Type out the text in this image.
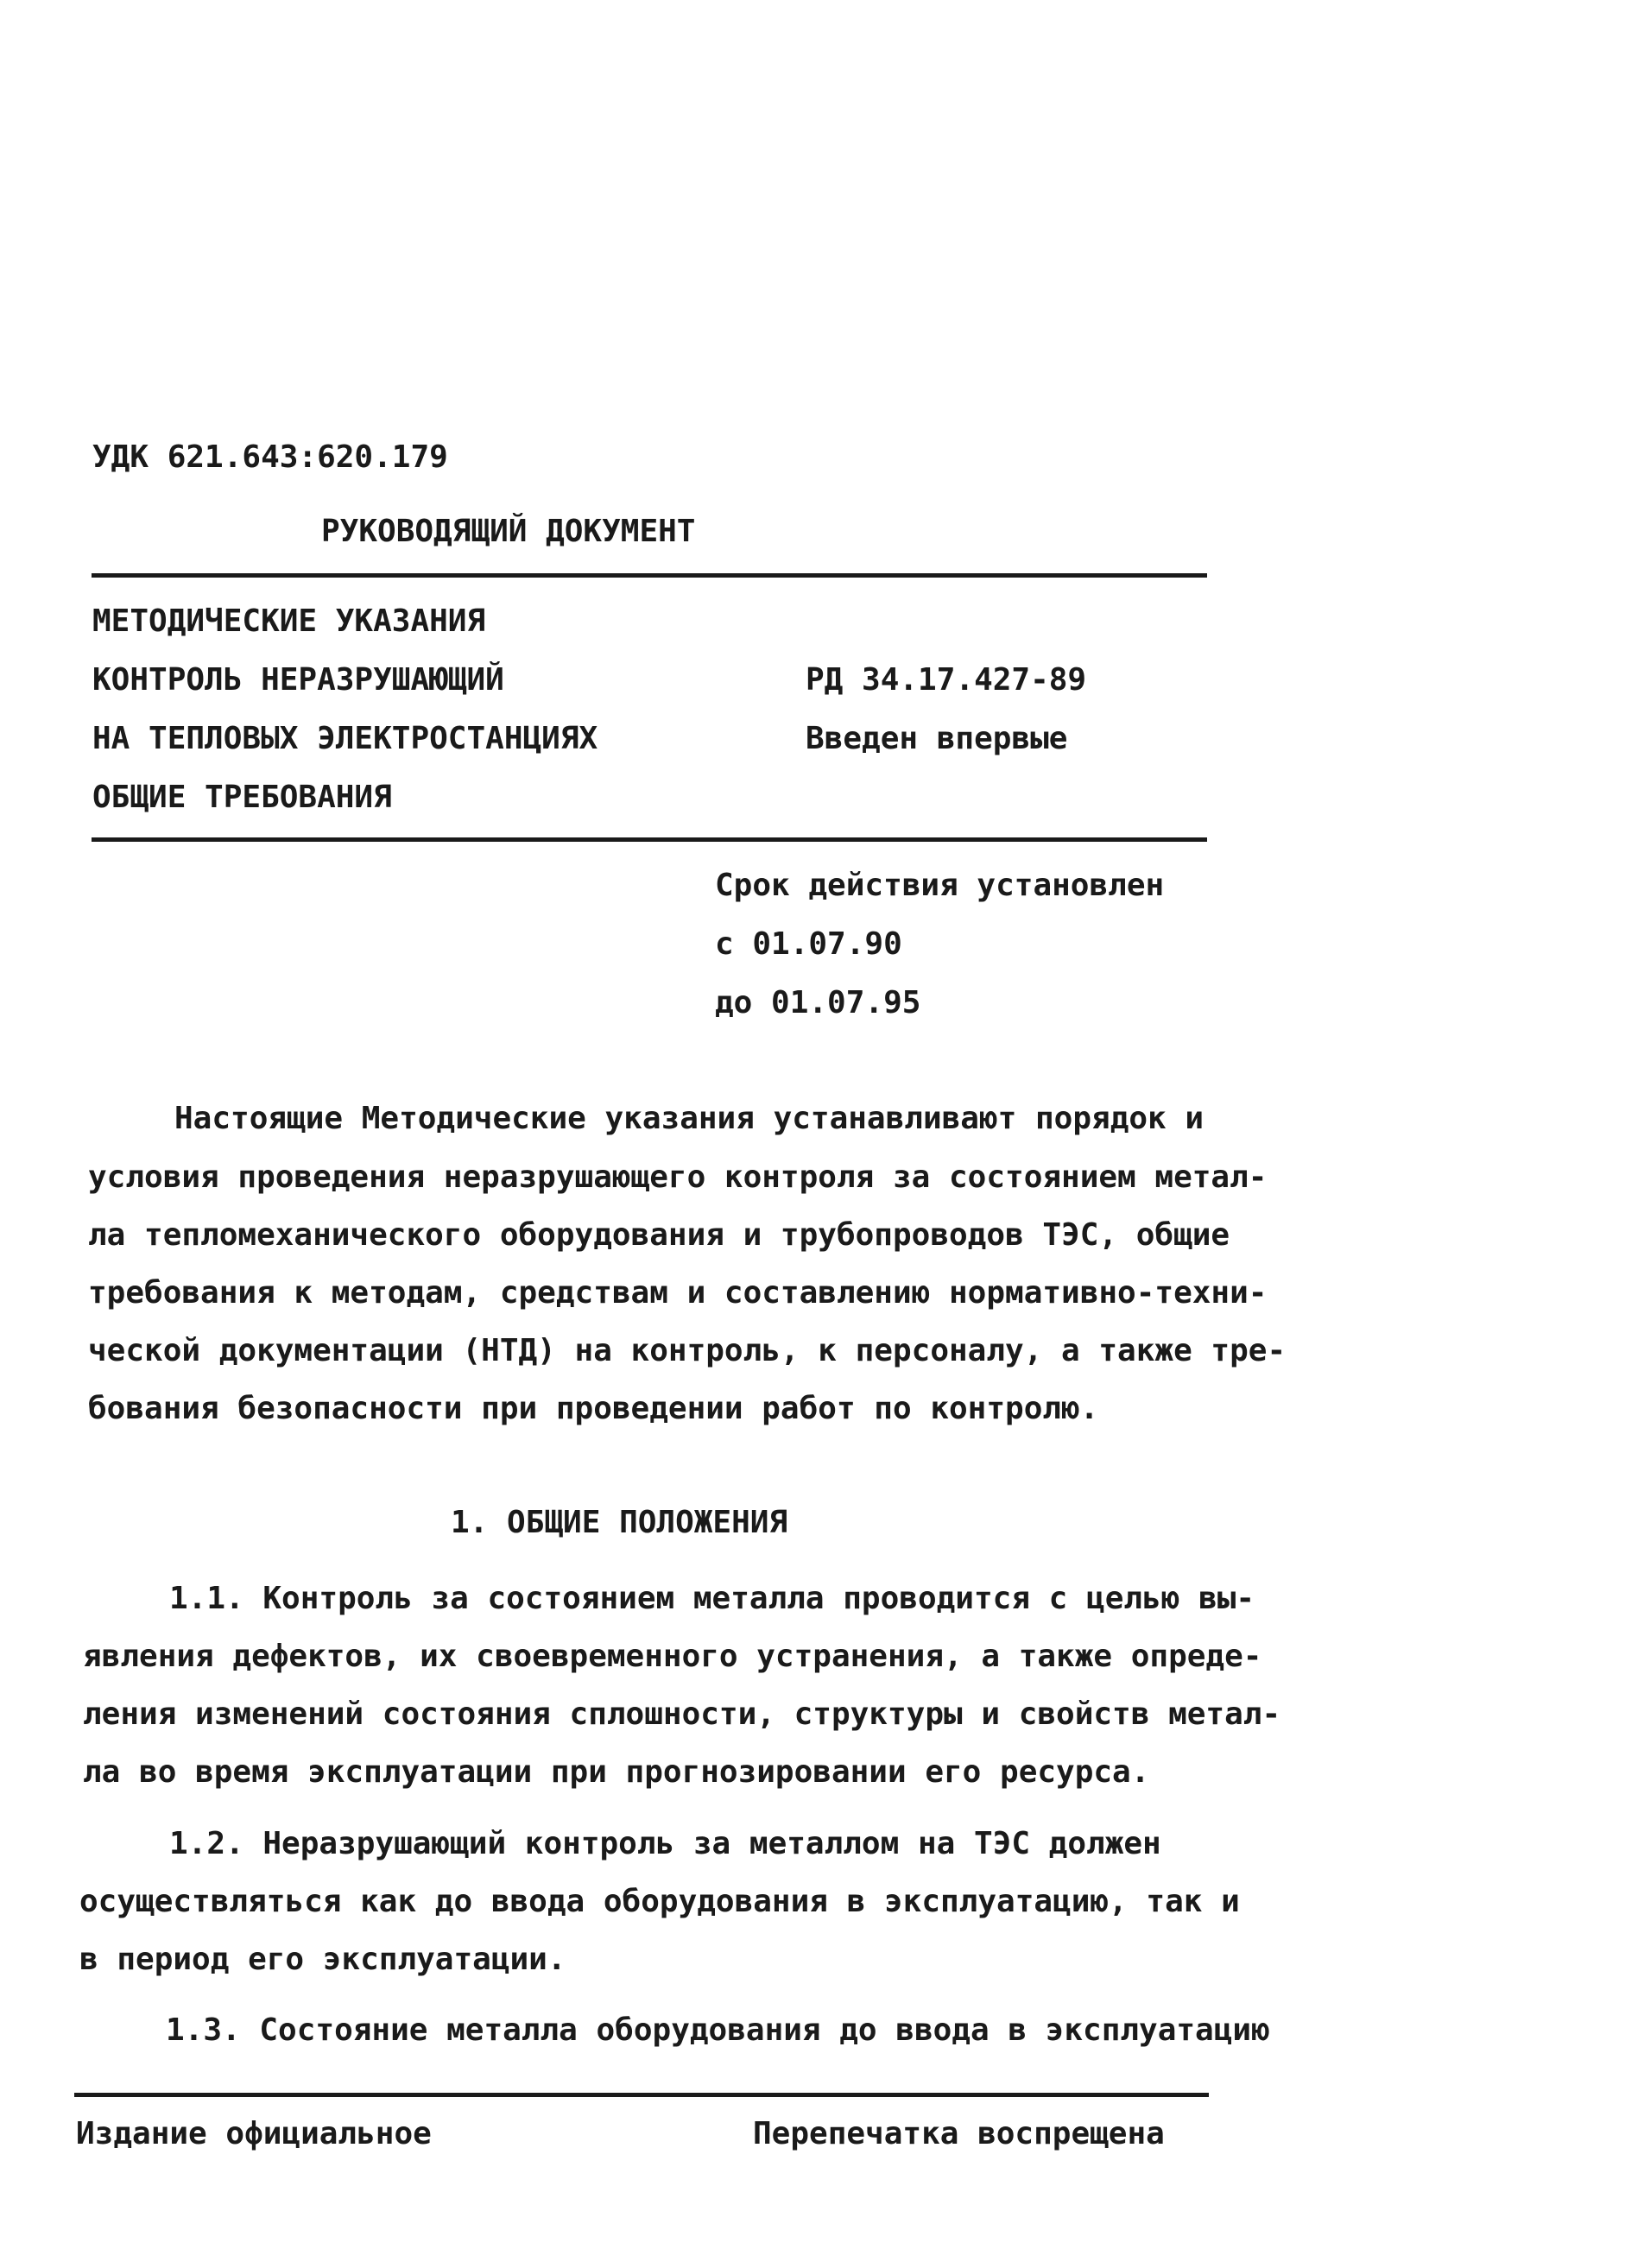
УДК 621.643:620.179
РУКОВОДЯЩИЙ ДОКУМЕНТ
МЕТОДИЧЕСКИЕ УКАЗАНИЯ
КОНТРОЛЬ НЕРАЗРУШАЮЩИЙ
НА ТЕПЛОВЫХ ЭЛЕКТРОСТАНЦИЯХ
ОБЩИЕ ТРЕБОВАНИЯ
РД 34.17.427-89
Введен впервые
Срок действия установлен
с 01.07.90
до 01.07.95
Настоящие Методические указания устанавливают порядок и
условия проведения неразрушающего контроля за состоянием метал-
ла тепломеханического оборудования и трубопроводов ТЭС, общие
требования к методам, средствам и составлению нормативно-техни-
ческой документации (НТД) на контроль, к персоналу, а также тре-
бования безопасности при проведении работ по контролю.
1. ОБЩИЕ ПОЛОЖЕНИЯ
1.1. Контроль за состоянием металла проводится с целью вы-
явления дефектов, их своевременного устранения, а также опреде-
ления изменений состояния сплошности, структуры и свойств метал-
ла во время эксплуатации при прогнозировании его ресурса.
1.2. Неразрушающий контроль за металлом на ТЭС должен
осуществляться как до ввода оборудования в эксплуатацию, так и
в период его эксплуатации.
1.3. Состояние металла оборудования до ввода в эксплуатацию
Издание официальное	Перепечатка воспрещена
